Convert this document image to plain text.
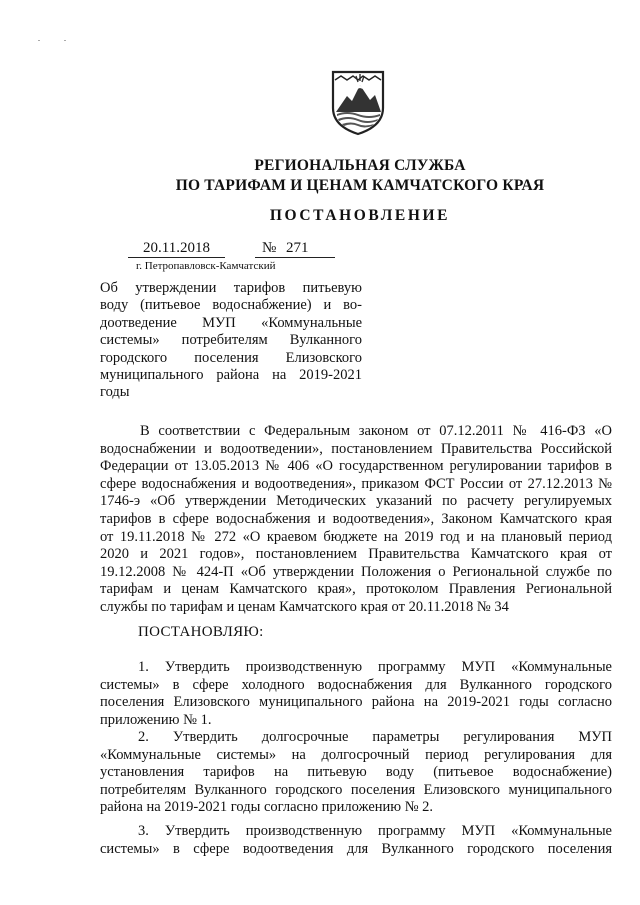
РЕГИОНАЛЬНАЯ СЛУЖБА
ПО ТАРИФАМ И ЦЕНАМ КАМЧАТСКОГО КРАЯ
ПОСТАНОВЛЕНИЕ
20.11.2018	№ 271
г. Петропавловск-Камчатский
Об утверждении тарифов питьевую
воду (питьевое водоснабжение) и во-
доотведение МУП «Коммунальные
системы» потребителям Вулканного
городского поселения Елизовского
муниципального района на 2019-2021
годы
В соответствии с Федеральным законом от 07.12.2011 № 416-ФЗ «О
водоснабжении и водоотведении», постановлением Правительства Российской
Федерации от 13.05.2013 № 406 «О государственном регулировании тарифов в
сфере водоснабжения и водоотведения», приказом ФСТ России от 27.12.2013 №
1746-э «Об утверждении Методических указаний по расчету регулируемых
тарифов в сфере водоснабжения и водоотведения», Законом Камчатского края
от 19.11.2018 № 272 «О краевом бюджете на 2019 год и на плановый период
2020 и 2021 годов», постановлением Правительства Камчатского края от
19.12.2008 № 424-П «Об утверждении Положения о Региональной службе по
тарифам и ценам Камчатского края», протоколом Правления Региональной
службы по тарифам и ценам Камчатского края от 20.11.2018 № 34
ПОСТАНОВЛЯЮ:
1. Утвердить производственную программу МУП «Коммунальные
системы» в сфере холодного водоснабжения для Вулканного городского
поселения Елизовского муниципального района на 2019-2021 годы согласно
приложению № 1.
2. Утвердить долгосрочные параметры регулирования МУП
«Коммунальные системы» на долгосрочный период регулирования для
установления тарифов на питьевую воду (питьевое водоснабжение)
потребителям Вулканного городского поселения Елизовского муниципального
района на 2019-2021 годы согласно приложению № 2.
3. Утвердить производственную программу МУП «Коммунальные
системы» в сфере водоотведения для Вулканного городского поселения
